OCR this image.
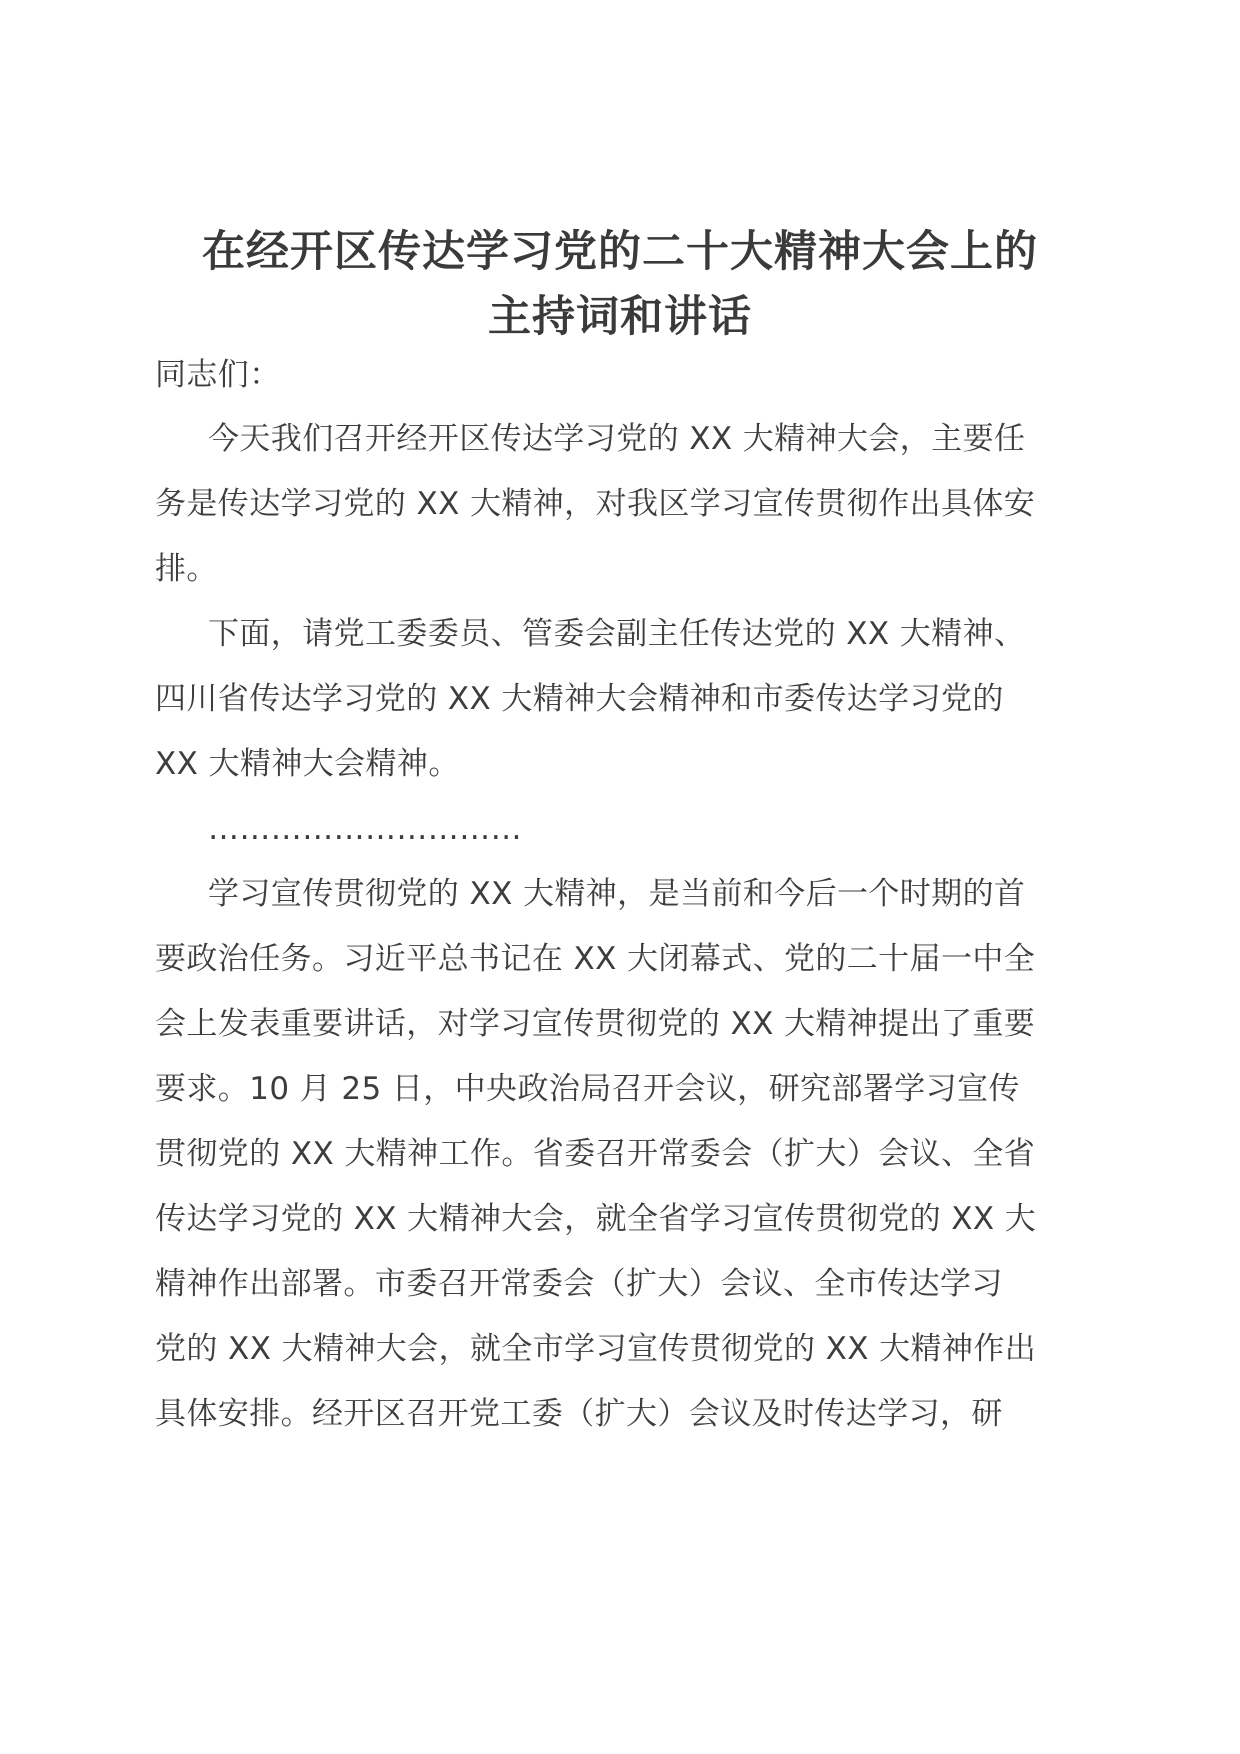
在经开区传达学习党的二十大精神大会上的
主持词和讲话
同志们：
今天我们召开经开区传达学习党的 XX 大精神大会，主要任
务是传达学习党的 XX 大精神，对我区学习宣传贯彻作出具体安
排。
下面，请党工委委员、管委会副主任传达党的 XX 大精神、
四川省传达学习党的 XX 大精神大会精神和市委传达学习党的
XX 大精神大会精神。
…………………………
学习宣传贯彻党的 XX 大精神，是当前和今后一个时期的首
要政治任务。习近平总书记在 XX 大闭幕式、党的二十届一中全
会上发表重要讲话，对学习宣传贯彻党的 XX 大精神提出了重要
要求。10 月 25 日，中央政治局召开会议，研究部署学习宣传
贯彻党的 XX 大精神工作。省委召开常委会（扩大）会议、全省
传达学习党的 XX 大精神大会，就全省学习宣传贯彻党的 XX 大
精神作出部署。市委召开常委会（扩大）会议、全市传达学习
党的 XX 大精神大会，就全市学习宣传贯彻党的 XX 大精神作出
具体安排。经开区召开党工委（扩大）会议及时传达学习，研
